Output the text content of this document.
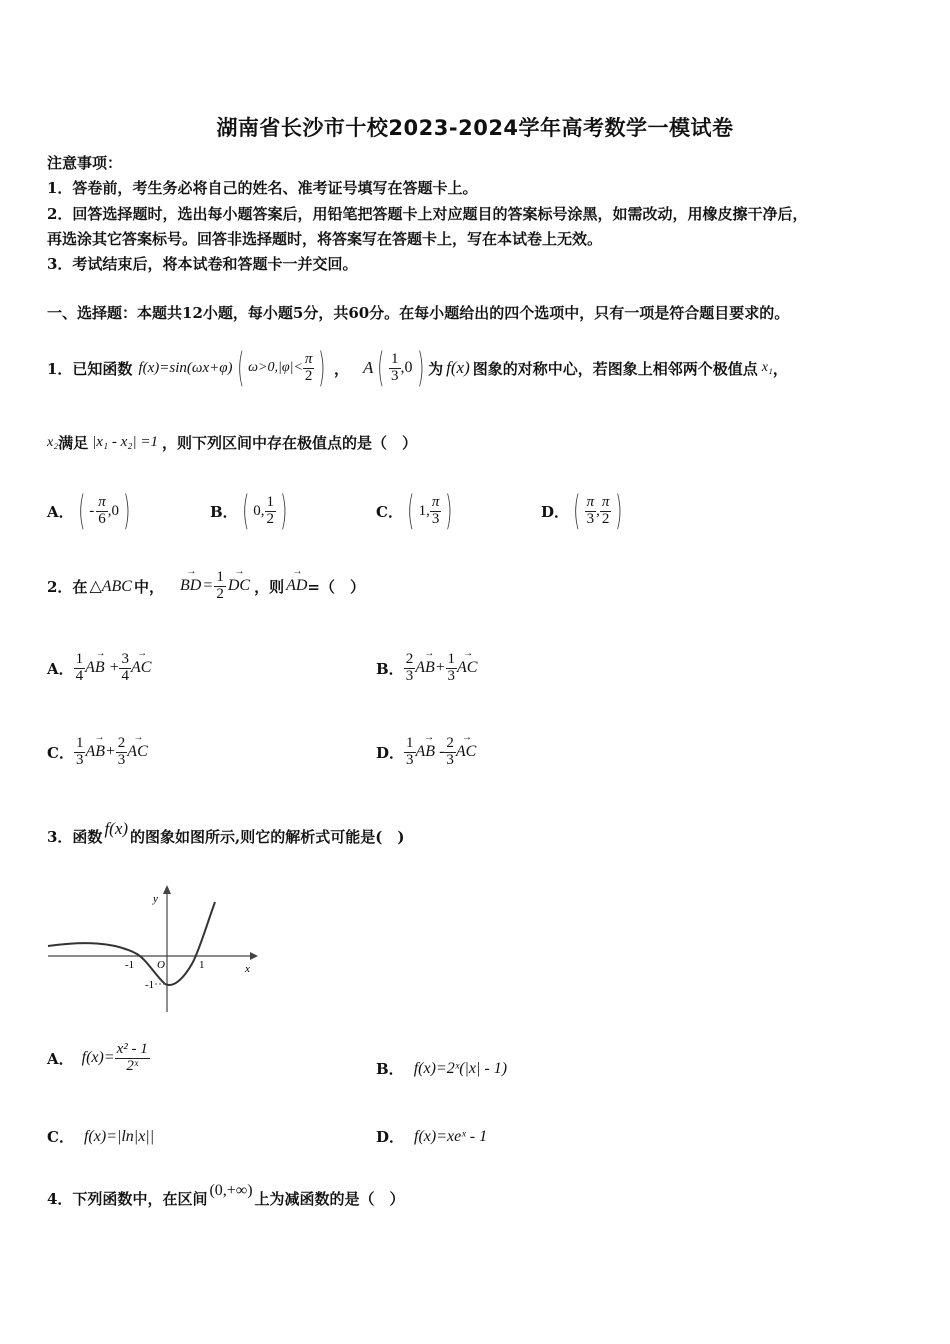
湖南省长沙市十校2023-2024学年高考数学一模试卷
注意事项：
1．答卷前，考生务必将自己的姓名、准考证号填写在答题卡上。
2．回答选择题时，选出每小题答案后，用铅笔把答题卡上对应题目的答案标号涂黑，如需改动，用橡皮擦干净后，
再选涂其它答案标号。回答非选择题时，将答案写在答题卡上，写在本试卷上无效。
3．考试结束后，将本试卷和答题卡一并交回。
一、选择题：本题共12小题，每小题5分，共60分。在每小题给出的四个选项中，只有一项是符合题目要求的。
1．已知函数 f(x)=sin(ωx+φ) ( $\omega>0,|\varphi|< \frac{\pi}{2}$ ) ， A ( $\frac{1}{3}$ , 0 ) 为 f(x) 图象的对称中心，若图象上相邻两个极值点 x₁ ，
x₂ 满足 |x₁ - x₂| =1 ，则下列区间中存在极值点的是（　）
A． ( - $\frac{\pi}{6} ,0$ )	B． ( 0, $\frac{1}{2}$ )	C． ( 1, $\frac{\pi}{3}$ )	D． ( $\frac{\pi}{3}$ , $\frac{\pi}{2}$ )
2．在 △ABC 中，
→ BD = $\frac{1}{2}$
→ DC ，则
→ AD =（　）
A． $\frac{1}{4}$
→ AB + $\frac{3}{4}$
→ AC	B． $\frac{2}{3}$
→ $AB+ \frac{1}{3}$
→ AC
C． $\frac{1}{3}$
→ $AB+ \frac{2}{3}$
→ AC	D． $\frac{1}{3}$
→ AB - $\frac{2}{3}$
→ AC
3．函数 f(x) 的图象如图所示,则它的解析式可能是(　)
y
x
O
-1	1
-1
A． $f(x)= \frac{\text{x² - 1}}{\text{2ˣ}}$	B． f(x)=2ˣ(|x| - 1)
C． f(x)=|ln|x||	D． f(x)=xeˣ - 1
4．下列函数中，在区间 (0,+∞) 上为减函数的是（　）
